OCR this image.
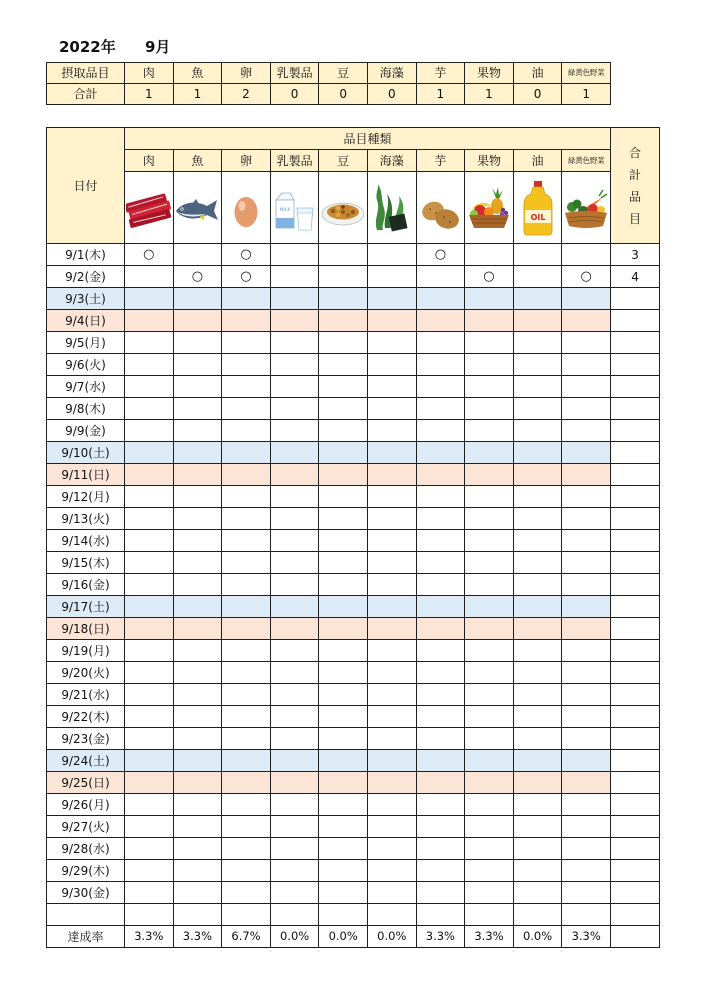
2022年 9月
摂取品目	肉	魚	卵	乳製品	豆	海藻	芋	果物	油	緑黄色野菜
合計	1	1	2	0	0	0	1	1	0	1
日付	品目種類										合計品目
	肉	魚	卵	乳製品	豆	海藻	芋	果物	油	緑黄色野菜	

MILK					OIL

9/1(木)	○		○				○				3
9/2(金)		○	○					○		○	4
9/3(土)											
9/4(日)											
9/5(月)											
9/6(火)											
9/7(水)											
9/8(木)											
9/9(金)											
9/10(土)											
9/11(日)											
9/12(月)											
9/13(火)											
9/14(水)											
9/15(木)											
9/16(金)											
9/17(土)											
9/18(日)											
9/19(月)											
9/20(火)											
9/21(水)											
9/22(木)											
9/23(金)											
9/24(土)											
9/25(日)											
9/26(月)											
9/27(火)											
9/28(水)											
9/29(木)											
9/30(金)											

達成率	3.3%	3.3%	6.7%	0.0%	0.0%	0.0%	3.3%	3.3%	0.0%	3.3%	
